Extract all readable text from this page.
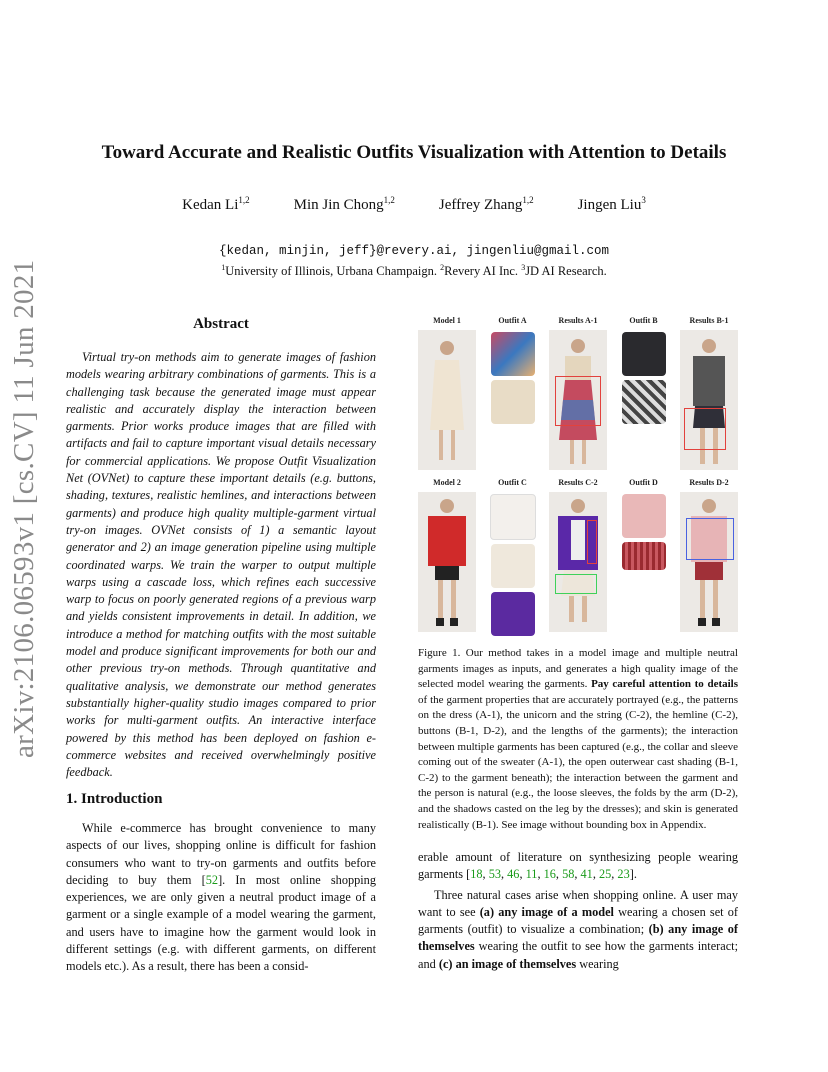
arXiv:2106.06593v1 [cs.CV] 11 Jun 2021
Toward Accurate and Realistic Outfits Visualization with Attention to Details
Kedan Li$^{1,2}$	Min Jin Chong$^{1,2}$	Jeffrey Zhang$^{1,2}$	Jingen Liu$^3$
{kedan, minjin, jeff}@revery.ai, jingenliu@gmail.com
$^1$University of Illinois, Urbana Champaign. $^2$Revery AI Inc. $^3$JD AI Research.
Abstract

Virtual try-on methods aim to generate images of fashion models wearing arbitrary combinations of garments. This is a challenging task because the generated image must appear realistic and accurately display the interaction between garments. Prior works produce images that are filled with artifacts and fail to capture important visual details necessary for commercial applications. We propose Outfit Visualization Net (OVNet) to capture these important details (e.g. buttons, shading, textures, realistic hemlines, and interactions between garments) and produce high quality multiple-garment virtual try-on images. OVNet consists of 1) a semantic layout generator and 2) an image generation pipeline using multiple coordinated warps. We train the warper to output multiple warps using a cascade loss, which refines each successive warp to focus on poorly generated regions of a previous warp and yields consistent improvements in detail. In addition, we introduce a method for matching outfits with the most suitable model and produce significant improvements for both our and other previous try-on methods. Through quantitative and qualitative analysis, we demonstrate our method generates substantially higher-quality studio images compared to prior works for multi-garment outfits. An interactive interface powered by this method has been deployed on fashion e-commerce websites and received overwhelmingly positive feedback.

1. Introduction

While e-commerce has brought convenience to many aspects of our lives, shopping online is difficult for fashion consumers who want to try-on garments and outfits before deciding to buy them [52]. In most online shopping experiences, we are only given a neutral product image of a garment or a single example of a model wearing the garment, and users have to imagine how the garment would look in different settings (e.g. with different garments, on different models etc.). As a result, there has been a consid-

Model 1	Outfit A	Results A-1	Outfit B	Results B-1
Model 2	Outfit C	Results C-2	Outfit D	Results D-2
Figure 1. Our method takes in a model image and multiple neutral garments images as inputs, and generates a high quality image of the selected model wearing the garments. Pay careful attention to details of the garment properties that are accurately portrayed (e.g., the patterns on the dress (A-1), the unicorn and the string (C-2), the hemline (C-2), buttons (B-1, D-2), and the lengths of the garments); the interaction between multiple garments has been captured (e.g., the collar and sleeve coming out of the sweater (A-1), the open outerwear cast shading (B-1, C-2) to the garment beneath); the interaction between the garment and the person is natural (e.g., the loose sleeves, the folds by the arm (D-2), and the shadows casted on the leg by the dresses); and skin is generated realistically (B-1). See image without bounding box in Appendix.

erable amount of literature on synthesizing people wearing garments [18, 53, 46, 11, 16, 58, 41, 25, 23].

Three natural cases arise when shopping online. A user may want to see (a) any image of a model wearing a chosen set of garments (outfit) to visualize a combination; (b) any image of themselves wearing the outfit to see how the garments interact; and (c) an image of themselves wearing
